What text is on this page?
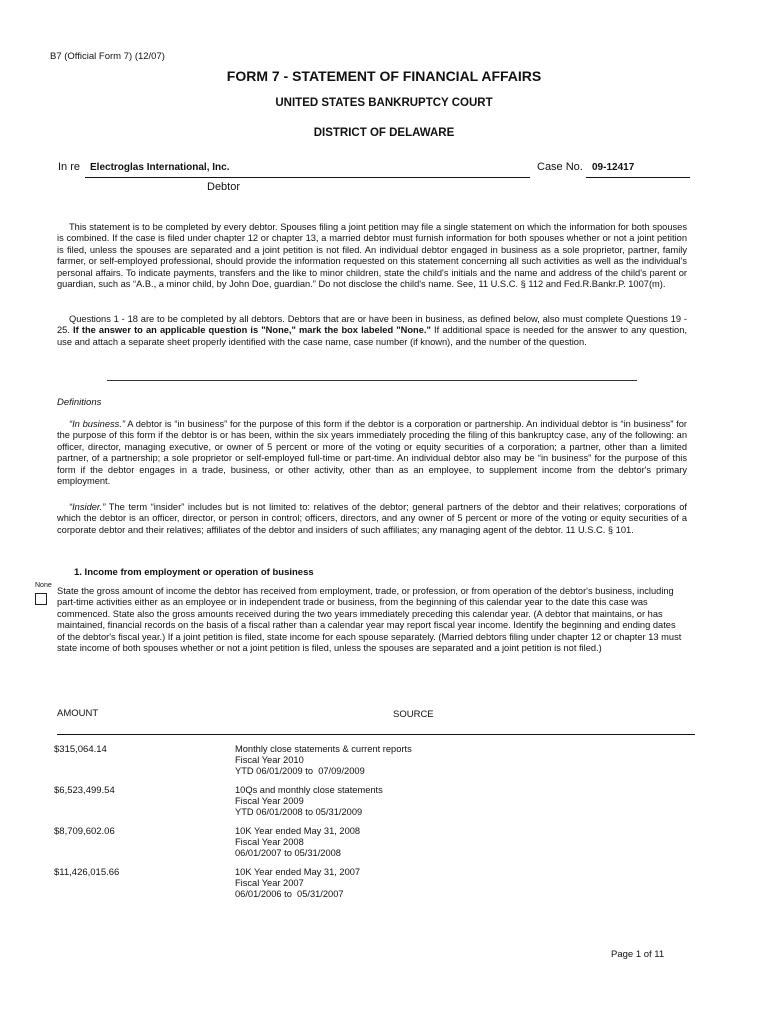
B7 (Official Form 7) (12/07)
FORM 7 - STATEMENT OF FINANCIAL AFFAIRS
UNITED STATES BANKRUPTCY COURT
DISTRICT OF DELAWARE
In re Electroglas International, Inc.
Debtor
Case No. 09-12417
This statement is to be completed by every debtor. Spouses filing a joint petition may file a single statement on which the information for both spouses is combined. If the case is filed under chapter 12 or chapter 13, a married debtor must furnish information for both spouses whether or not a joint petition is filed, unless the spouses are separated and a joint petition is not filed. An individual debtor engaged in business as a sole proprietor, partner, family farmer, or self-employed professional, should provide the information requested on this statement concerning all such activities as well as the individual's personal affairs. To indicate payments, transfers and the like to minor children, state the child's initials and the name and address of the child's parent or guardian, such as “A.B., a minor child, by John Doe, guardian.” Do not disclose the child's name. See, 11 U.S.C. § 112 and Fed.R.Bankr.P. 1007(m).
Questions 1 - 18 are to be completed by all debtors. Debtors that are or have been in business, as defined below, also must complete Questions 19 - 25. If the answer to an applicable question is "None," mark the box labeled "None." If additional space is needed for the answer to any question, use and attach a separate sheet properly identified with the case name, case number (if known), and the number of the question.
Definitions
“In business.” A debtor is “in business” for the purpose of this form if the debtor is a corporation or partnership. An individual debtor is “in business” for the purpose of this form if the debtor is or has been, within the six years immediately proceding the filing of this bankruptcy case, any of the following: an officer, director, managing executive, or owner of 5 percent or more of the voting or equity securities of a corporation; a partner, other than a limited partner, of a partnership; a sole proprietor or self-employed full-time or part-time. An individual debtor also may be “in business” for the purpose of this form if the debtor engages in a trade, business, or other activity, other than as an employee, to supplement income from the debtor's primary employment.
“Insider.” The term “insider” includes but is not limited to: relatives of the debtor; general partners of the debtor and their relatives; corporations of which the debtor is an officer, director, or person in control; officers, directors, and any owner of 5 percent or more of the voting or equity securities of a corporate debtor and their relatives; affiliates of the debtor and insiders of such affiliates; any managing agent of the debtor. 11 U.S.C. § 101.
1. Income from employment or operation of business
None
State the gross amount of income the debtor has received from employment, trade, or profession, or from operation of the debtor's business, including part-time activities either as an employee or in independent trade or business, from the beginning of this calendar year to the date this case was commenced. State also the gross amounts received during the two years immediately preceding this calendar year. (A debtor that maintains, or has maintained, financial records on the basis of a fiscal rather than a calendar year may report fiscal year income. Identify the beginning and ending dates of the debtor's fiscal year.) If a joint petition is filed, state income for each spouse separately. (Married debtors filing under chapter 12 or chapter 13 must state income of both spouses whether or not a joint petition is filed, unless the spouses are separated and a joint petition is not filed.)
AMOUNT	SOURCE
$315,064.14	Monthly close statements & current reports
Fiscal Year 2010
YTD 06/01/2009 to  07/09/2009
$6,523,499.54	10Qs and monthly close statements
Fiscal Year 2009
YTD 06/01/2008 to 05/31/2009
$8,709,602.06	10K Year ended May 31, 2008
Fiscal Year 2008
06/01/2007 to 05/31/2008
$11,426,015.66	10K Year ended May 31, 2007
Fiscal Year 2007
06/01/2006 to  05/31/2007
Page 1 of 11
